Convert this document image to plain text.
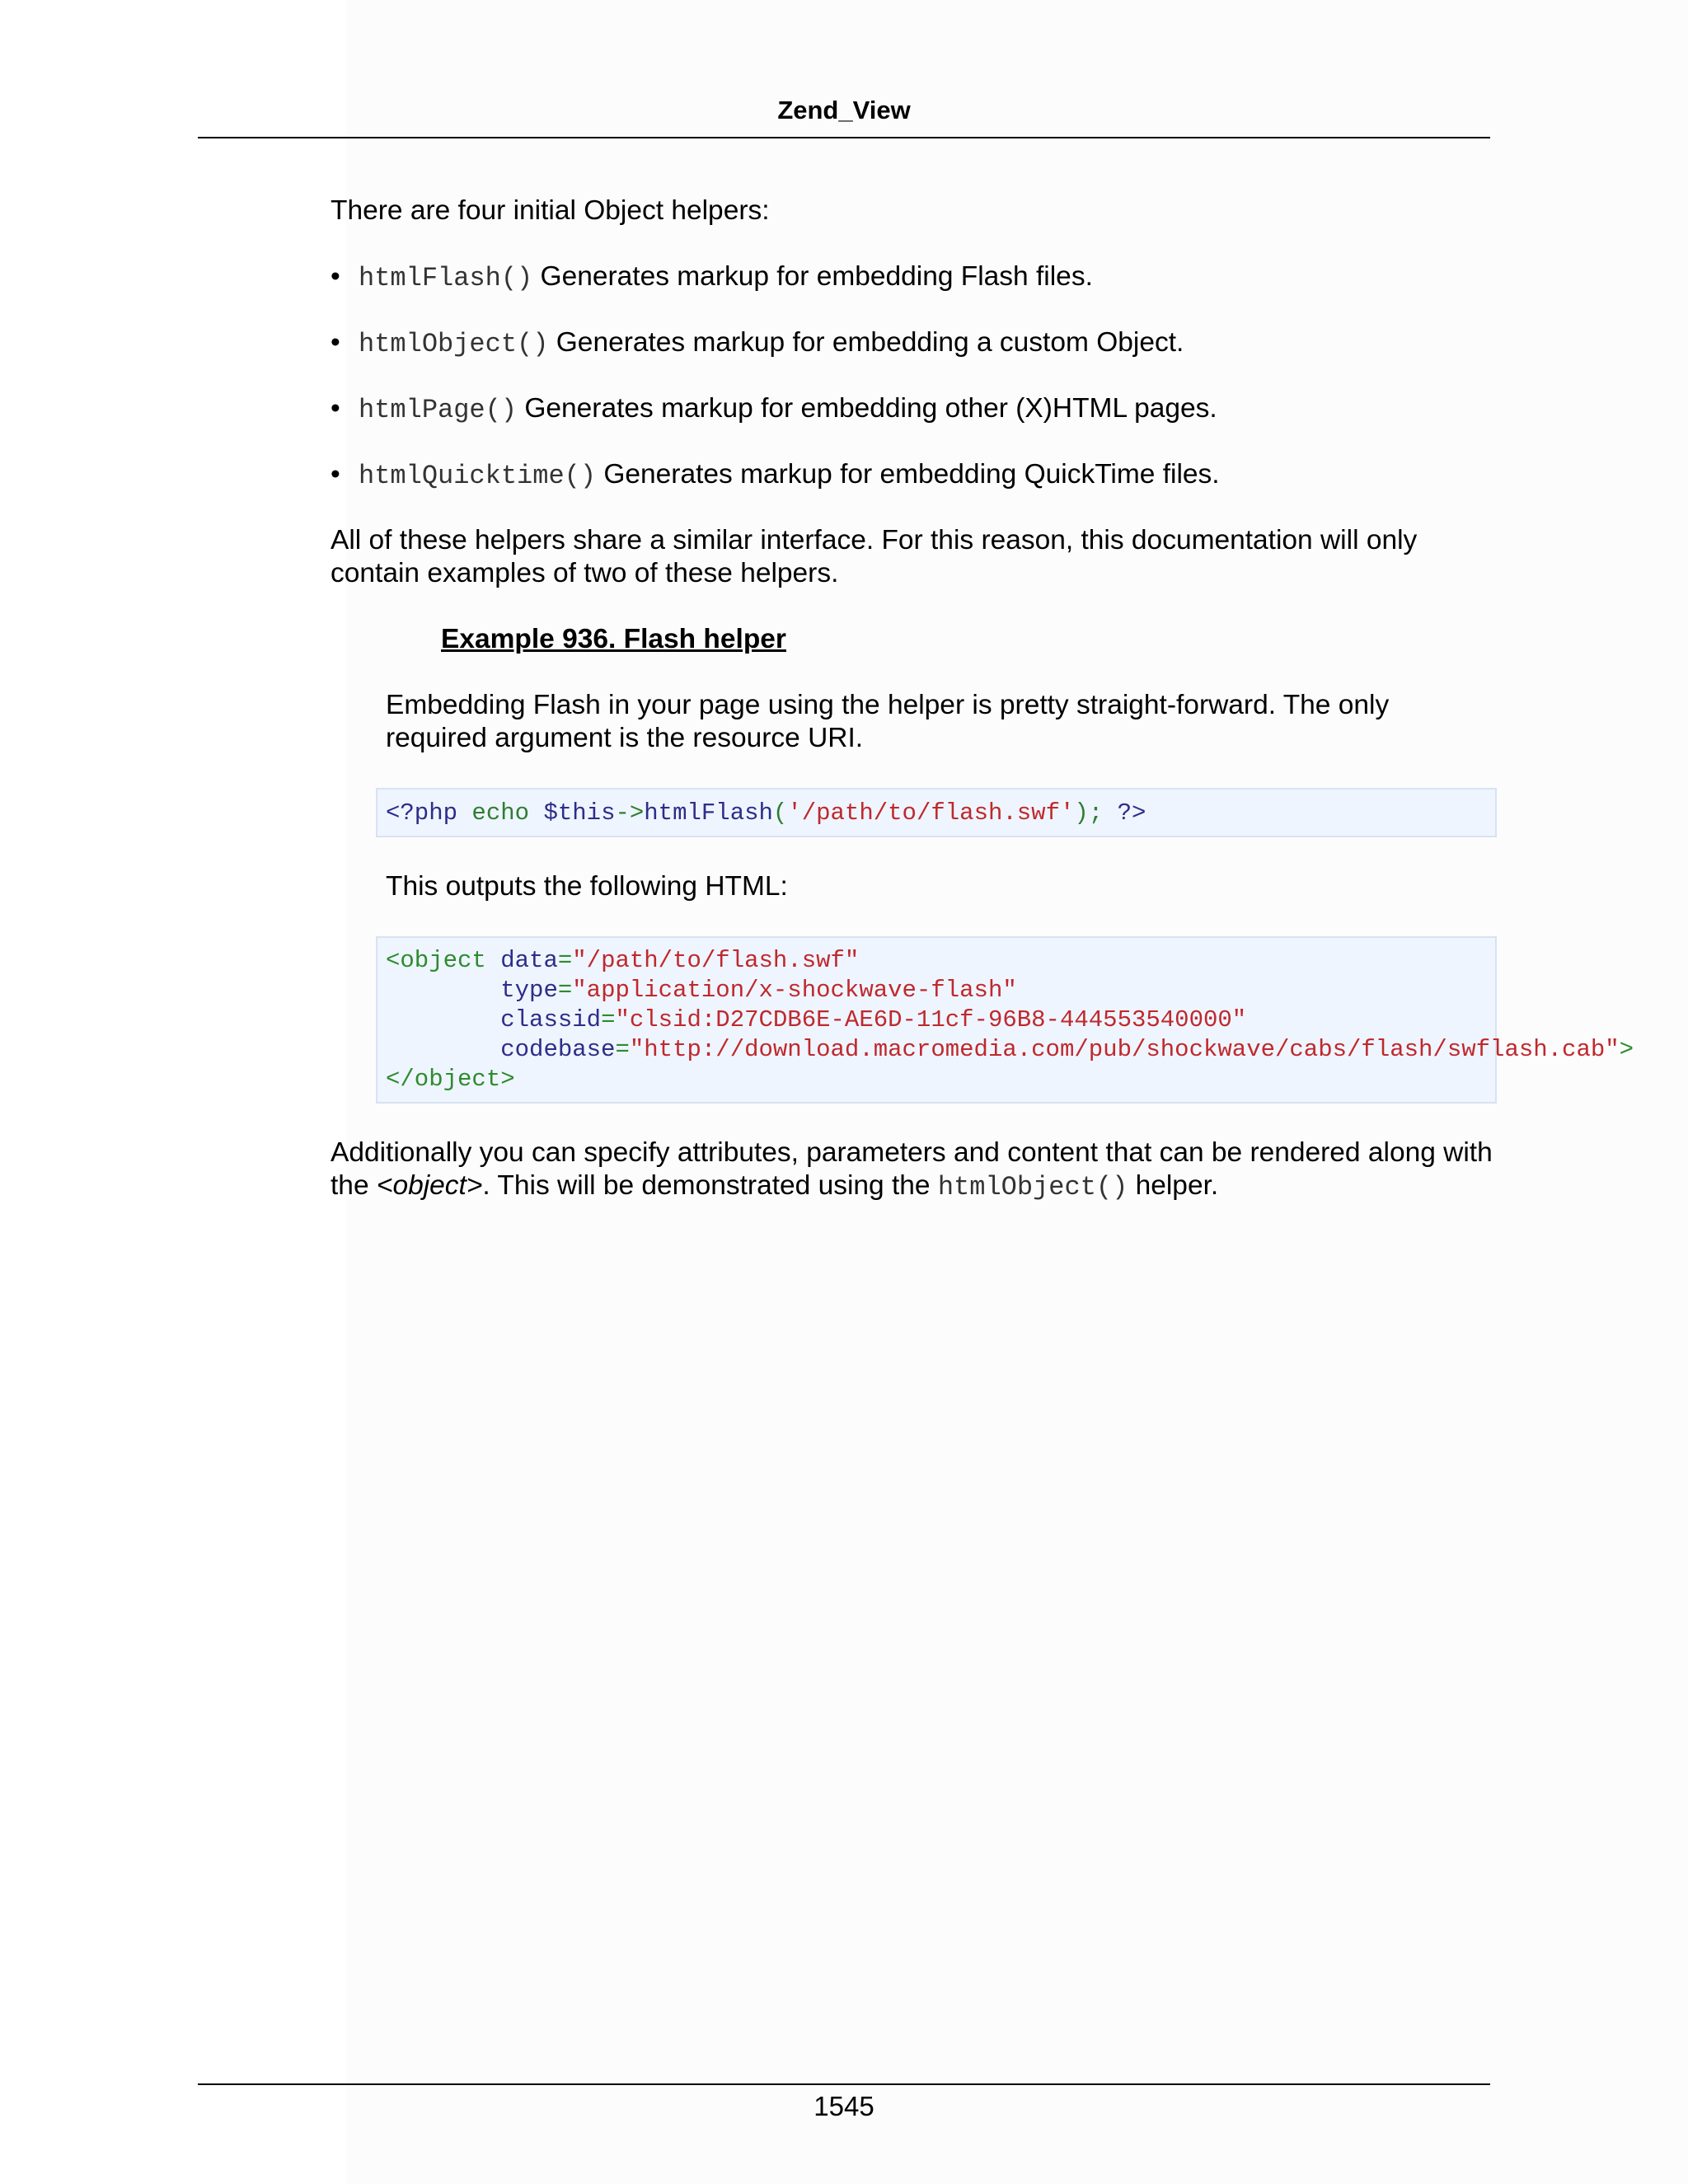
Zend_View

There are four initial Object helpers:

• htmlFlash() Generates markup for embedding Flash files.
• htmlObject() Generates markup for embedding a custom Object.
• htmlPage() Generates markup for embedding other (X)HTML pages.
• htmlQuicktime() Generates markup for embedding QuickTime files.

All of these helpers share a similar interface. For this reason, this documentation will only contain examples of two of these helpers.

Example 936. Flash helper

Embedding Flash in your page using the helper is pretty straight-forward. The only required argument is the resource URI.

<?php echo $this->htmlFlash('/path/to/flash.swf'); ?>

This outputs the following HTML:

<object data="/path/to/flash.swf"
type="application/x-shockwave-flash"
classid="clsid:D27CDB6E-AE6D-11cf-96B8-444553540000"
codebase="http://download.macromedia.com/pub/shockwave/cabs/flash/swflash.cab">
</object>

Additionally you can specify attributes, parameters and content that can be rendered along with the <object>. This will be demonstrated using the htmlObject() helper.

1545
